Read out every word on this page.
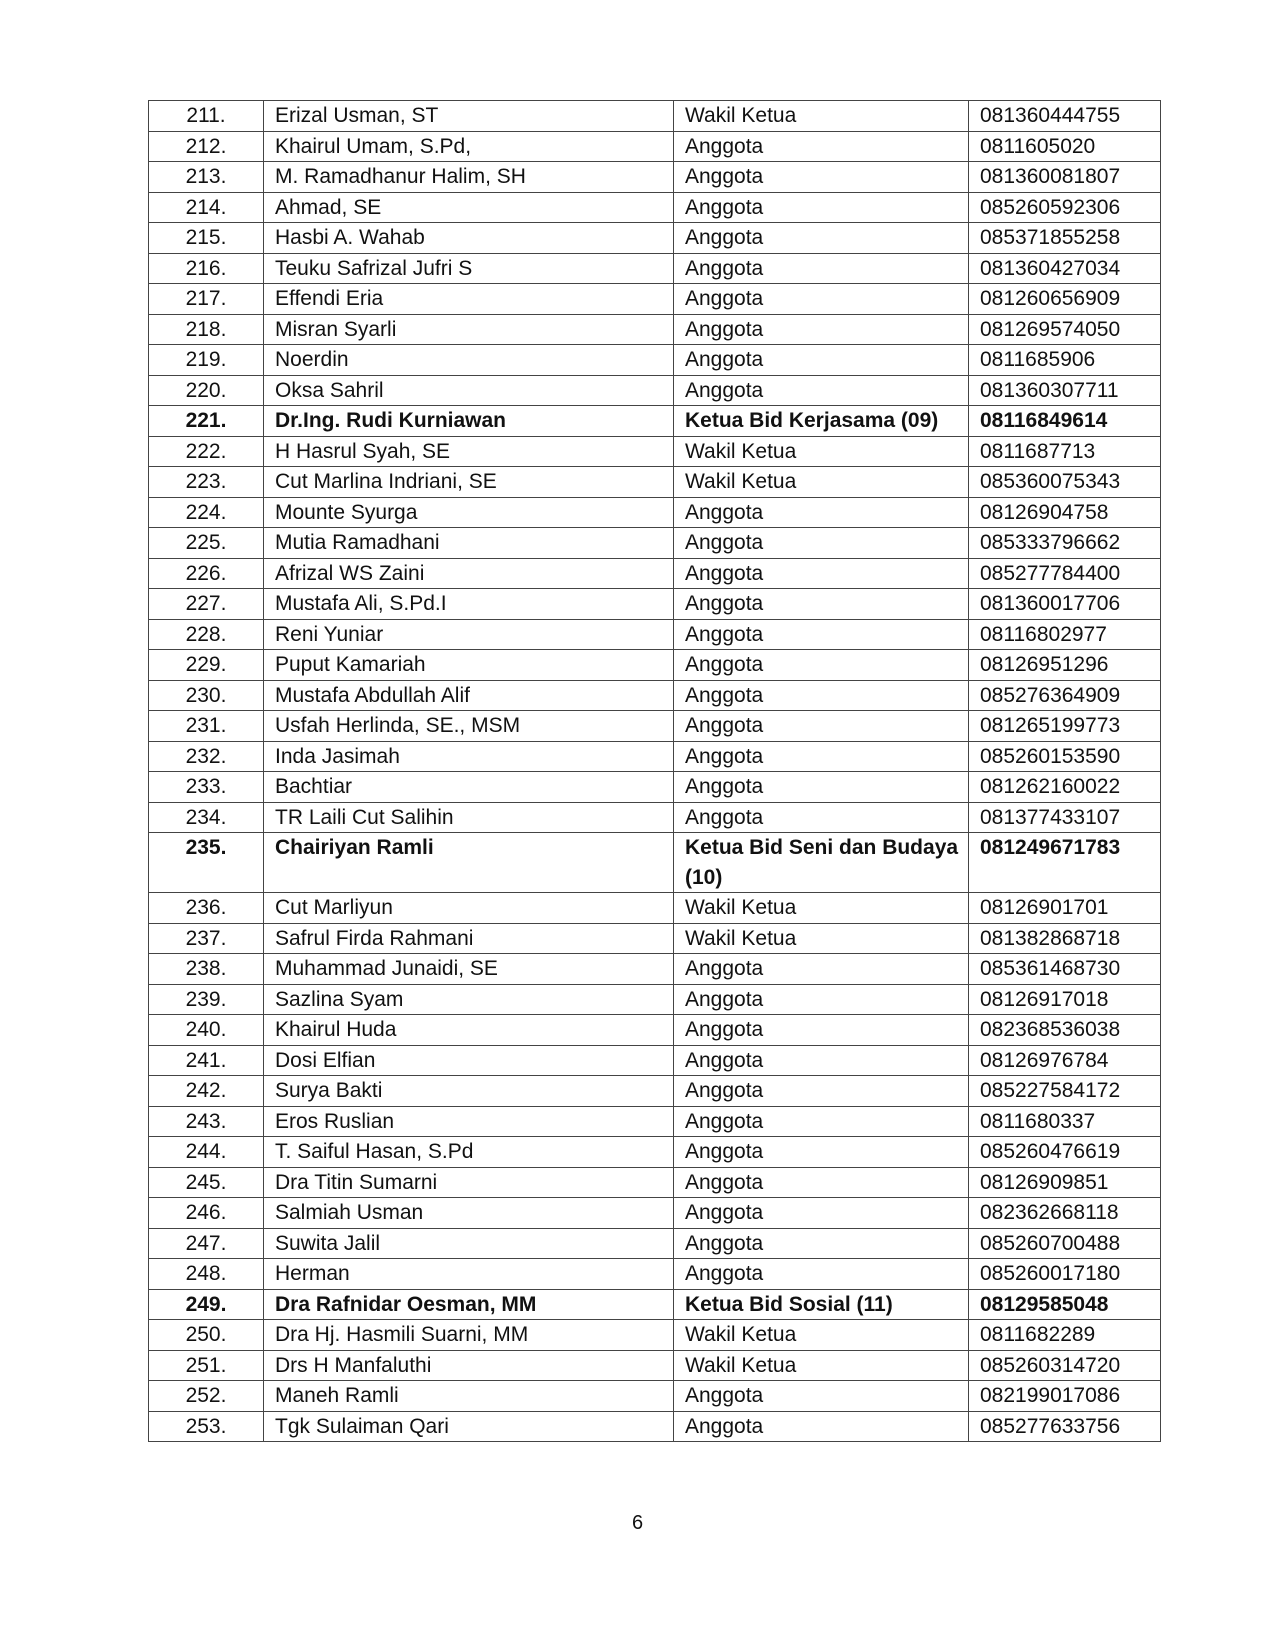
211.	Erizal Usman, ST	Wakil Ketua	081360444755
212.	Khairul Umam, S.Pd,	Anggota	0811605020
213.	M. Ramadhanur Halim, SH	Anggota	081360081807
214.	Ahmad, SE	Anggota	085260592306
215.	Hasbi A. Wahab	Anggota	085371855258
216.	Teuku Safrizal Jufri S	Anggota	081360427034
217.	Effendi Eria	Anggota	081260656909
218.	Misran Syarli	Anggota	081269574050
219.	Noerdin	Anggota	0811685906
220.	Oksa Sahril	Anggota	081360307711
221.	Dr.Ing. Rudi Kurniawan	Ketua Bid Kerjasama (09)	08116849614
222.	H Hasrul Syah, SE	Wakil Ketua	0811687713
223.	Cut Marlina Indriani, SE	Wakil Ketua	085360075343
224.	Mounte Syurga	Anggota	08126904758
225.	Mutia Ramadhani	Anggota	085333796662
226.	Afrizal WS Zaini	Anggota	085277784400
227.	Mustafa Ali, S.Pd.I	Anggota	081360017706
228.	Reni Yuniar	Anggota	08116802977
229.	Puput Kamariah	Anggota	08126951296
230.	Mustafa Abdullah Alif	Anggota	085276364909
231.	Usfah Herlinda, SE., MSM	Anggota	081265199773
232.	Inda Jasimah	Anggota	085260153590
233.	Bachtiar	Anggota	081262160022
234.	TR Laili Cut Salihin	Anggota	081377433107
235.	Chairiyan Ramli	Ketua Bid Seni dan Budaya (10)	081249671783
236.	Cut Marliyun	Wakil Ketua	08126901701
237.	Safrul Firda Rahmani	Wakil Ketua	081382868718
238.	Muhammad Junaidi, SE	Anggota	085361468730
239.	Sazlina Syam	Anggota	08126917018
240.	Khairul Huda	Anggota	082368536038
241.	Dosi Elfian	Anggota	08126976784
242.	Surya Bakti	Anggota	085227584172
243.	Eros Ruslian	Anggota	0811680337
244.	T. Saiful Hasan, S.Pd	Anggota	085260476619
245.	Dra Titin Sumarni	Anggota	08126909851
246.	Salmiah Usman	Anggota	082362668118
247.	Suwita Jalil	Anggota	085260700488
248.	Herman	Anggota	085260017180
249.	Dra Rafnidar Oesman, MM	Ketua Bid Sosial (11)	08129585048
250.	Dra Hj. Hasmili Suarni, MM	Wakil Ketua	0811682289
251.	Drs H Manfaluthi	Wakil Ketua	085260314720
252.	Maneh Ramli	Anggota	082199017086
253.	Tgk Sulaiman Qari	Anggota	085277633756
6
